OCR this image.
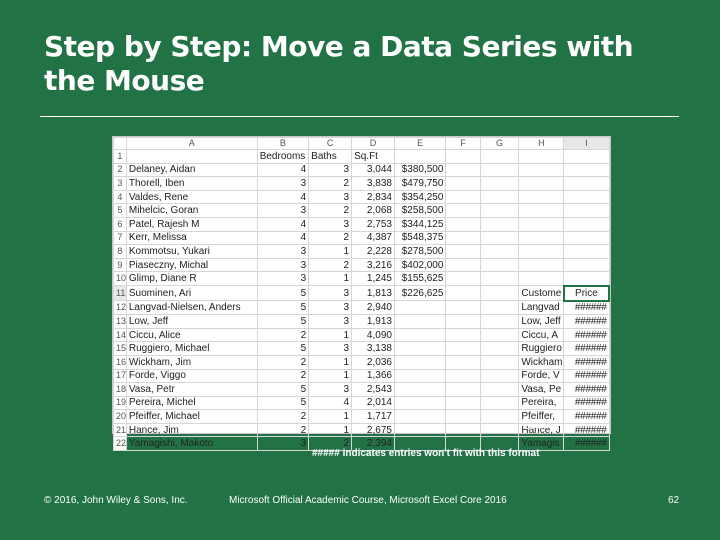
Step by Step: Move a Data Series with the Mouse
	A	B	C	D	E	F	G	H	I
1		Bedrooms	Baths	Sq.Ft					
2	Delaney, Aidan	4	3	3,044	$380,500				
3	Thorell, Iben	3	2	3,838	$479,750				
4	Valdes, Rene	4	3	2,834	$354,250				
5	Mihelcic, Goran	3	2	2,068	$258,500				
6	Patel, Rajesh M	4	3	2,753	$344,125				
7	Kerr, Melissa	4	2	4,387	$548,375				
8	Kommotsu, Yukari	3	1	2,228	$278,500				
9	Piaseczny, Michal	3	2	3,216	$402,000				
10	Glimp, Diane R	3	1	1,245	$155,625				
11	Suominen, Ari	5	3	1,813	$226,625			Custome	Price
12	Langvad-Nielsen, Anders	5	3	2,940				Langvad	######
13	Low, Jeff	5	3	1,913				Low, Jeff	######
14	Ciccu, Alice	2	1	4,090				Ciccu, A	######
15	Ruggiero, Michael	5	3	3,138				Ruggiero	######
16	Wickham, Jim	2	1	2,036				Wickham	######
17	Forde, Viggo	2	1	1,366				Forde, V	######
18	Vasa, Petr	5	3	2,543				Vasa, Pe	######
19	Pereira, Michel	5	4	2,014				Pereira,	######
20	Pfeiffer, Michael	2	1	1,717				Pfeiffer,	######
21	Hance, Jim	2	1	2,675				Hance, J	######
22	Yamagishi, Makoto	3	2	2,394				Yamagis	######
##### indicates entries won't fit with this format
© 2016, John Wiley & Sons, Inc.	Microsoft Official Academic Course, Microsoft Excel Core 2016	62
